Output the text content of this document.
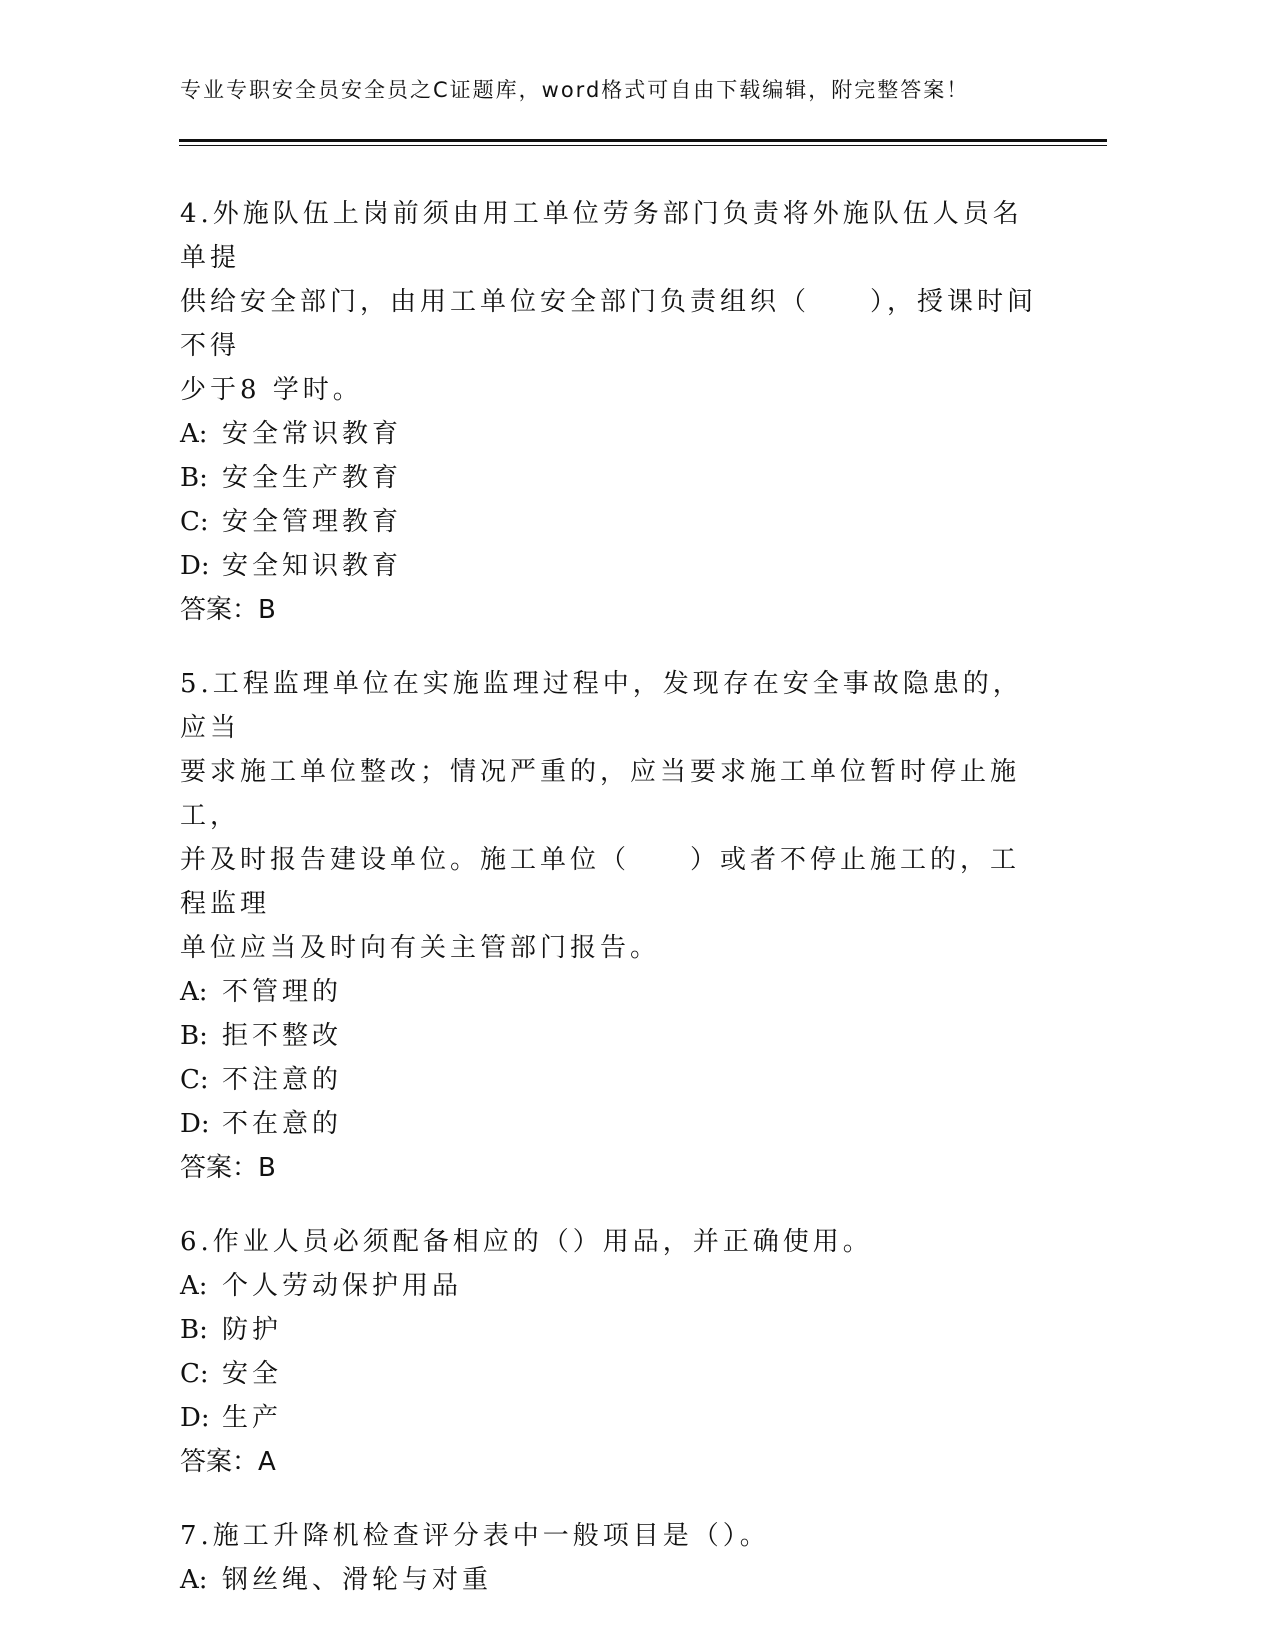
专业专职安全员安全员之C证题库，word格式可自由下载编辑，附完整答案！
4.外施队伍上岗前须由用工单位劳务部门负责将外施队伍人员名单提
供给安全部门，由用工单位安全部门负责组织（　　），授课时间不得
少于8 学时。
A: 安全常识教育
B: 安全生产教育
C: 安全管理教育
D: 安全知识教育
答案：B
5.工程监理单位在实施监理过程中，发现存在安全事故隐患的，应当
要求施工单位整改；情况严重的，应当要求施工单位暂时停止施工，
并及时报告建设单位。施工单位（　　）或者不停止施工的，工程监理
单位应当及时向有关主管部门报告。
A: 不管理的
B: 拒不整改
C: 不注意的
D: 不在意的
答案：B
6.作业人员必须配备相应的（）用品，并正确使用。
A: 个人劳动保护用品
B: 防护
C: 安全
D: 生产
答案：A
7.施工升降机检查评分表中一般项目是（）。
A: 钢丝绳、滑轮与对重
